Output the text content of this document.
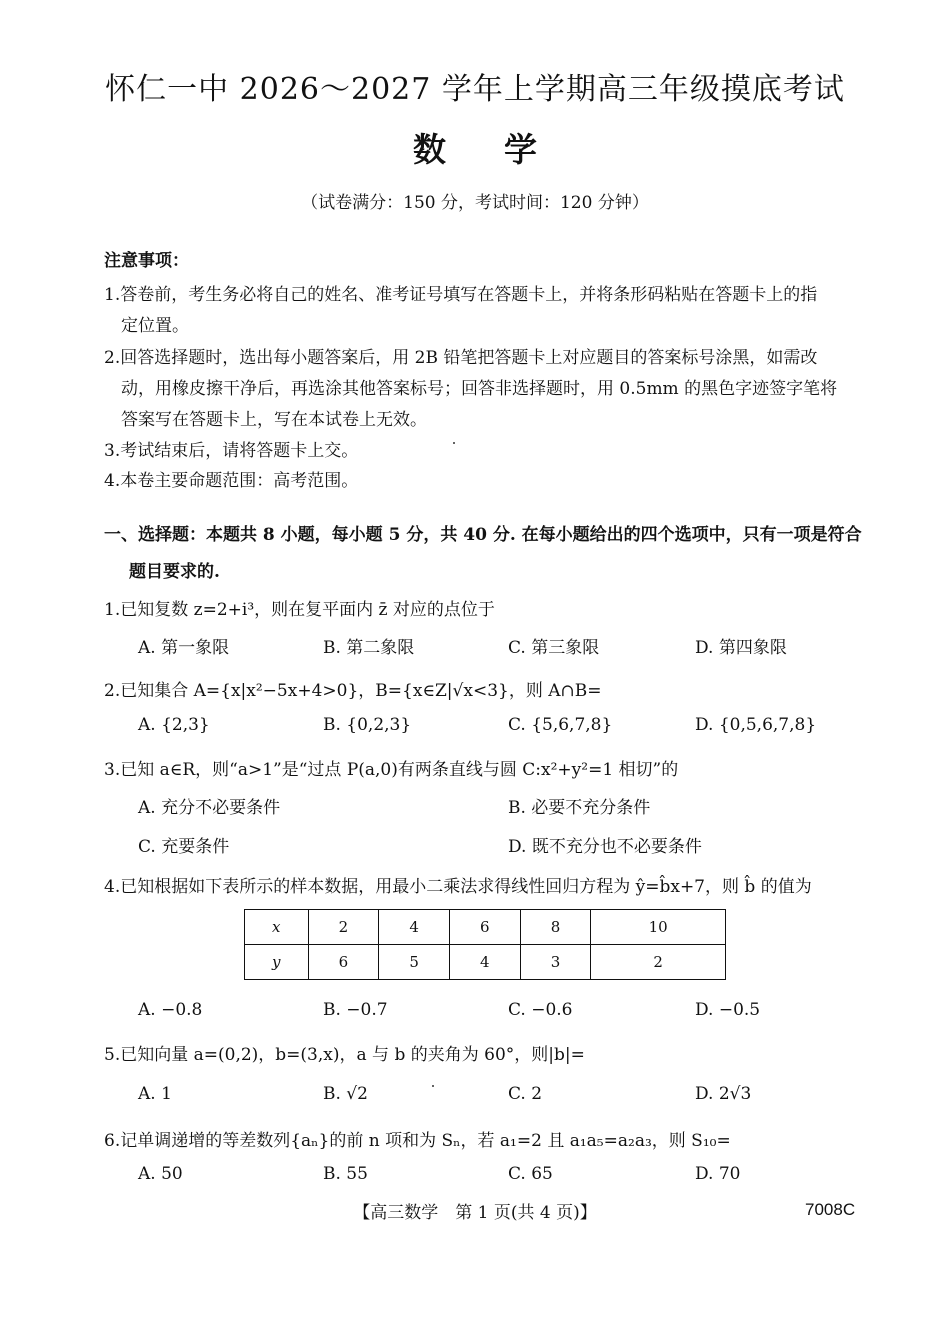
怀仁一中 2026～2027 学年上学期高三年级摸底考试
数学
（试卷满分：150 分，考试时间：120 分钟）
注意事项：
1.答卷前，考生务必将自己的姓名、准考证号填写在答题卡上，并将条形码粘贴在答题卡上的指
定位置。
2.回答选择题时，选出每小题答案后，用 2B 铅笔把答题卡上对应题目的答案标号涂黑，如需改
动，用橡皮擦干净后，再选涂其他答案标号；回答非选择题时，用 0.5mm 的黑色字迹签字笔将
答案写在答题卡上，写在本试卷上无效。
3.考试结束后，请将答题卡上交。
4.本卷主要命题范围：高考范围。
一、选择题：本题共 8 小题，每小题 5 分，共 40 分. 在每小题给出的四个选项中，只有一项是符合
题目要求的.
1.已知复数 z=2+i³，则在复平面内 z̄ 对应的点位于
A. 第一象限	B. 第二象限	C. 第三象限	D. 第四象限
2.已知集合 A={x|x²−5x+4>0}，B={x∈Z|√x<3}，则 A∩B=
A. {2,3}	B. {0,2,3}	C. {5,6,7,8}	D. {0,5,6,7,8}
3.已知 a∈R，则“a>1”是“过点 P(a,0)有两条直线与圆 C:x²+y²=1 相切”的
A. 充分不必要条件	B. 必要不充分条件
C. 充要条件	D. 既不充分也不必要条件
4.已知根据如下表所示的样本数据，用最小二乘法求得线性回归方程为 ŷ=b̂x+7，则 b̂ 的值为
x	2	4	6	8	10
y	6	5	4	3	2
A. −0.8	B. −0.7	C. −0.6	D. −0.5
5.已知向量 a=(0,2)，b=(3,x)，a 与 b 的夹角为 60°，则|b|=
A. 1	B. √2	C. 2	D. 2√3
6.记单调递增的等差数列{aₙ}的前 n 项和为 Sₙ，若 a₁=2 且 a₁a₅=a₂a₃，则 S₁₀=
A. 50	B. 55	C. 65	D. 70
【高三数学　第 1 页(共 4 页)】	7008C
